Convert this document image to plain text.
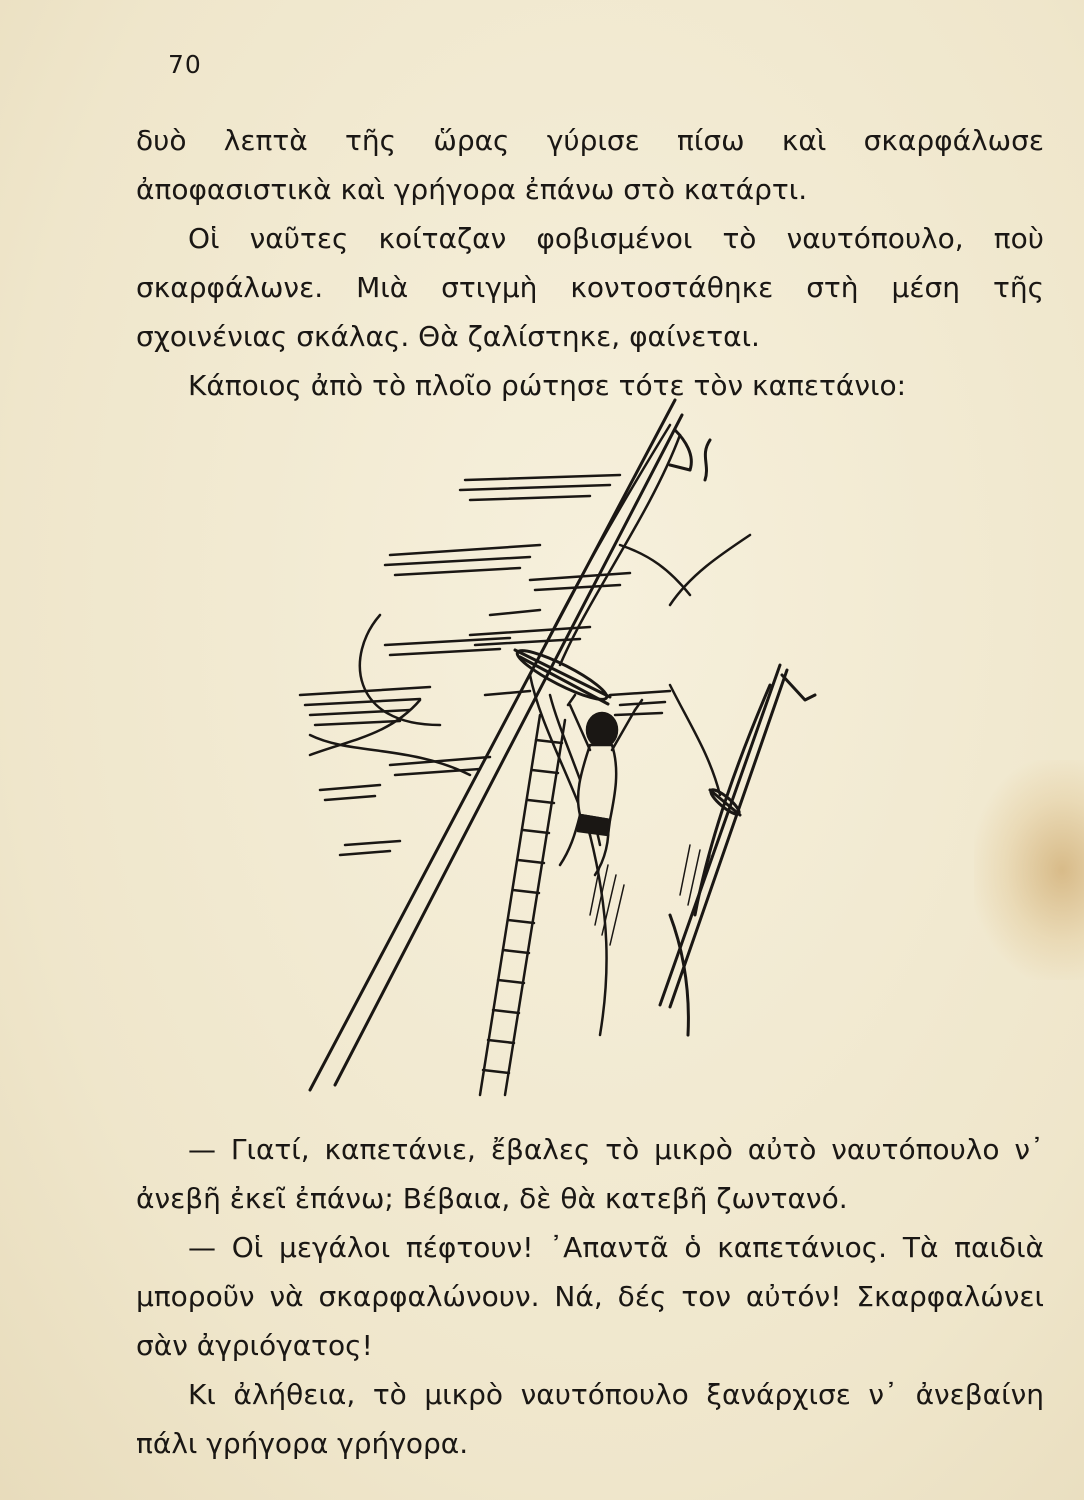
70

δυὸ λεπτὰ τῆς ὥρας γύρισε πίσω καὶ σκαρφάλωσε ἀποφασιστικὰ καὶ γρήγορα ἐπάνω στὸ κατάρτι.

Οἱ ναῦτες κοίταζαν φοβισμένοι τὸ ναυτόπουλο, ποὺ σκαρφάλωνε. Μιὰ στιγμὴ κοντοστάθηκε στὴ μέση τῆς σχοινένιας σκάλας. Θὰ ζαλίστηκε, φαίνεται.

Κάποιος ἀπὸ τὸ πλοῖο ρώτησε τότε τὸν καπετάνιο:

— Γιατί, καπετάνιε, ἔβαλες τὸ μικρὸ αὐτὸ ναυτόπουλο ν᾿ ἀνεβῆ ἐκεῖ ἐπάνω; Βέβαια, δὲ θὰ κατεβῆ ζωντανό.

— Οἱ μεγάλοι πέφτουν! ᾿Απαντᾶ ὁ καπετάνιος. Τὰ παιδιὰ μποροῦν νὰ σκαρφαλώνουν. Νά, δές τον αὐτόν! Σκαρφαλώνει σὰν ἀγριόγατος!

Κι ἀλήθεια, τὸ μικρὸ ναυτόπουλο ξανάρχισε ν᾿ ἀνεβαίνη πάλι γρήγορα γρήγορα.
